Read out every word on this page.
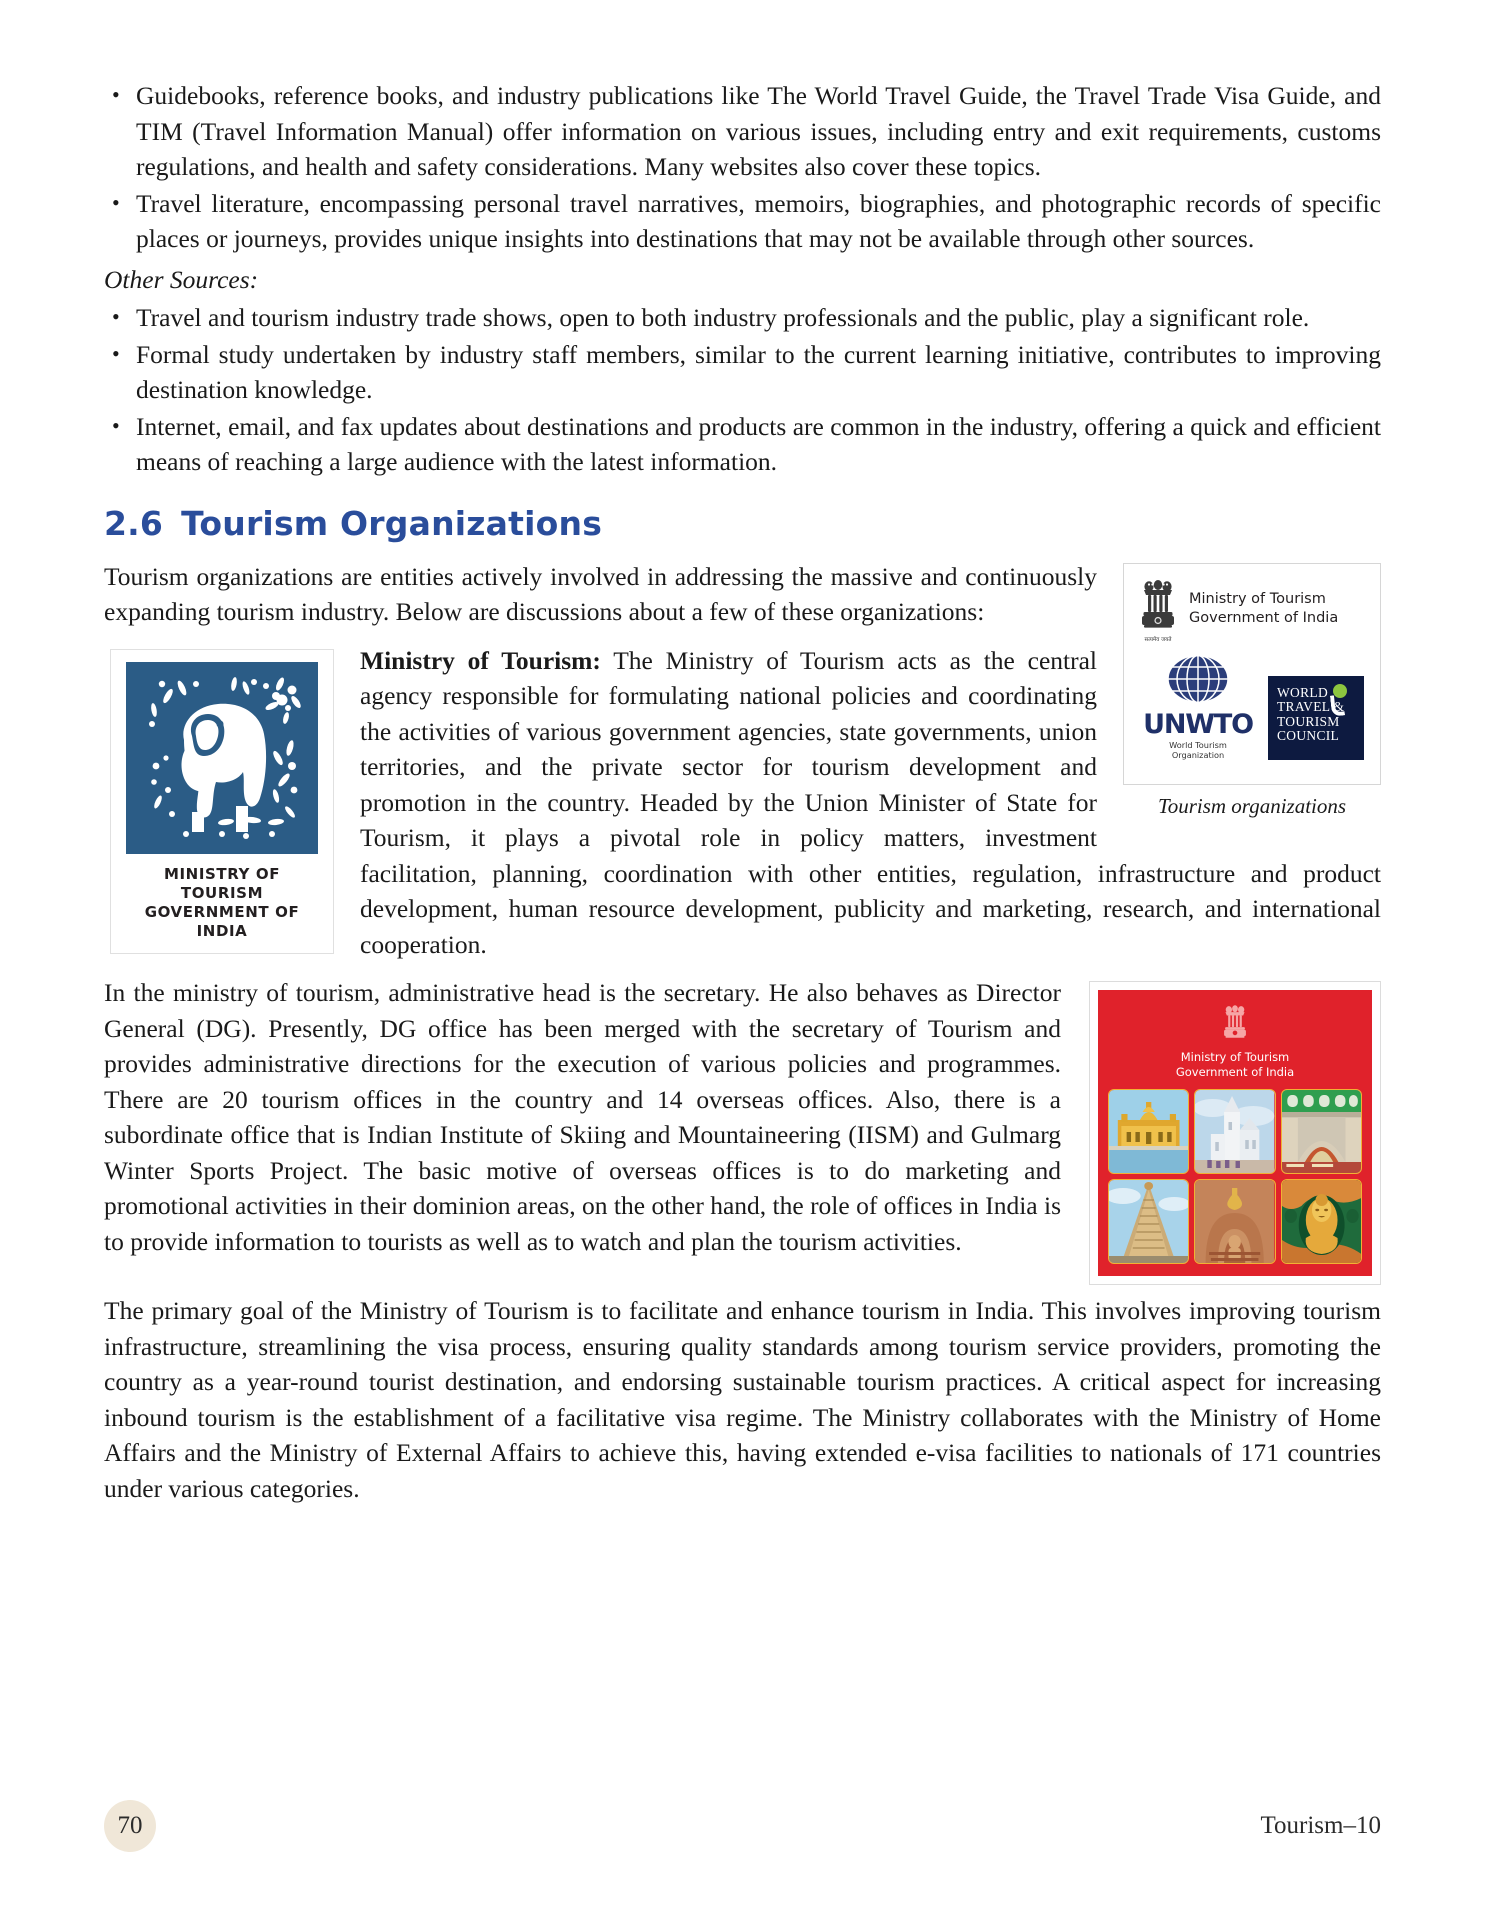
• Guidebooks, reference books, and industry publications like The World Travel Guide, the Travel Trade Visa Guide, and TIM (Travel Information Manual) offer information on various issues, including entry and exit requirements, customs regulations, and health and safety considerations. Many websites also cover these topics.
• Travel literature, encompassing personal travel narratives, memoirs, biographies, and photographic records of specific places or journeys, provides unique insights into destinations that may not be available through other sources.
Other Sources:
• Travel and tourism industry trade shows, open to both industry professionals and the public, play a significant role.
• Formal study undertaken by industry staff members, similar to the current learning initiative, contributes to improving destination knowledge.
• Internet, email, and fax updates about destinations and products are common in the industry, offering a quick and efficient means of reaching a large audience with the latest information.
2.6 Tourism Organizations
सत्यमेव जयते
Ministry of Tourism
Government of India
UNWTO
World Tourism Organization
WORLD
TRAVEL &
TOURISM
COUNCIL
Tourism organizations

Tourism organizations are entities actively involved in addressing the massive and continuously expanding tourism industry. Below are discussions about a few of these organizations:

MINISTRY OF TOURISM
GOVERNMENT OF INDIA

Ministry of Tourism: The Ministry of Tourism acts as the central agency responsible for formulating national policies and coordinating the activities of various government agencies, state governments, union territories, and the private sector for tourism development and promotion in the country. Headed by the Union Minister of State for Tourism, it plays a pivotal role in policy matters, investment facilitation, planning, coordination with other entities, regulation, infrastructure and product development, human resource development, publicity and marketing, research, and international cooperation.

Ministry of Tourism
Government of India

In the ministry of tourism, administrative head is the secretary. He also behaves as Director General (DG). Presently, DG office has been merged with the secretary of Tourism and provides administrative directions for the execution of various policies and programmes. There are 20 tourism offices in the country and 14 overseas offices. Also, there is a subordinate office that is Indian Institute of Skiing and Mountaineering (IISM) and Gulmarg Winter Sports Project. The basic motive of overseas offices is to do marketing and promotional activities in their dominion areas, on the other hand, the role of offices in India is to provide information to tourists as well as to watch and plan the tourism activities.

The primary goal of the Ministry of Tourism is to facilitate and enhance tourism in India. This involves improving tourism infrastructure, streamlining the visa process, ensuring quality standards among tourism service providers, promoting the country as a year-round tourist destination, and endorsing sustainable tourism practices. A critical aspect for increasing inbound tourism is the establishment of a facilitative visa regime. The Ministry collaborates with the Ministry of Home Affairs and the Ministry of External Affairs to achieve this, having extended e-visa facilities to nationals of 171 countries under various categories.

70	Tourism–10
